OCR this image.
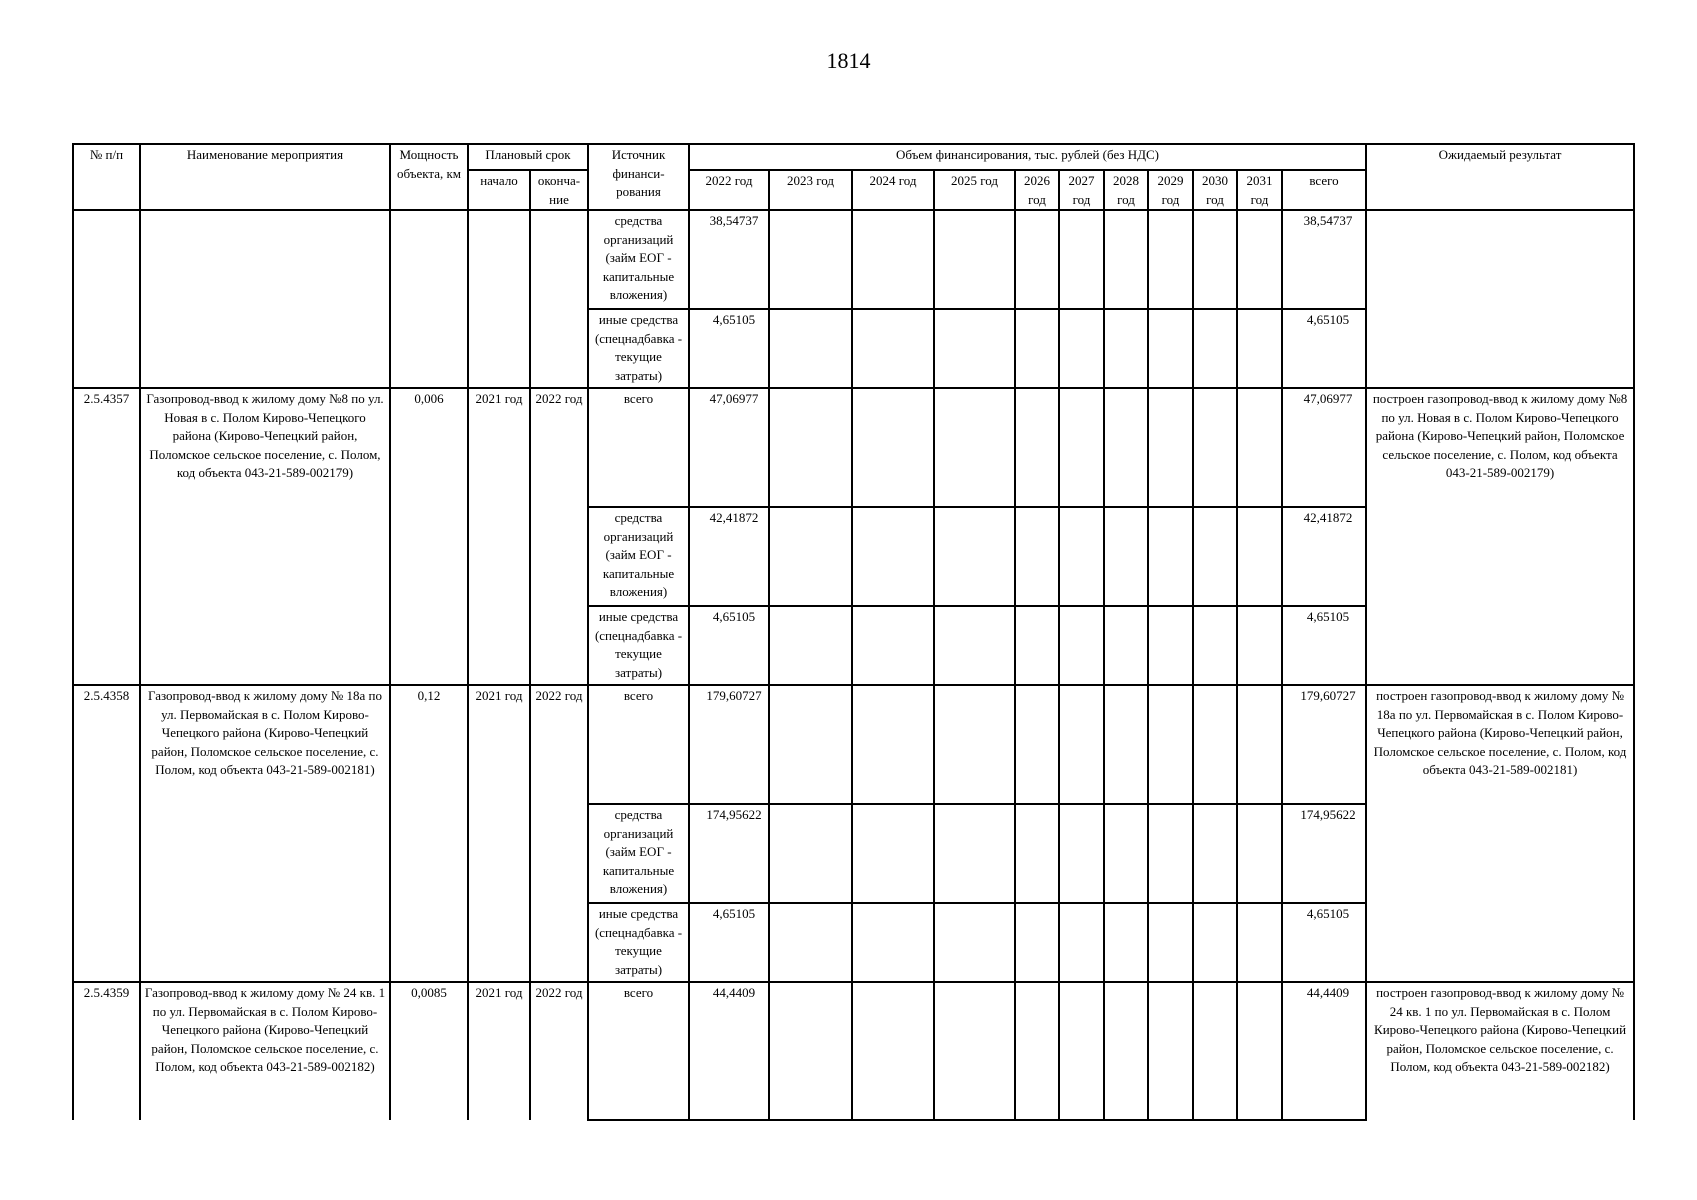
1814
№ п/п	Наименование мероприятия	Мощность объекта, км	Плановый срок		Источник финанси-рования	Объем финансирования, тыс. рублей (без НДС)											Ожидаемый результат
			начало	оконча-ние		2022 год	2023 год	2024 год	2025 год	2026 год	2027 год	2028 год	2029 год	2030 год	2031 год	всего	
					средства организаций (займ ЕОГ - капитальные вложения)	38,54737										38,54737	
					иные средства (спецнадбавка - текущие затраты)	4,65105										4,65105	
2.5.4357	Газопровод-ввод к жилому дому №8 по ул. Новая в с. Полом Кирово-Чепецкого района (Кирово-Чепецкий район, Поломское сельское поселение, с. Полом, код объекта 043-21-589-002179)	0,006	2021 год	2022 год	всего	47,06977										47,06977	построен газопровод-ввод к жилому дому №8 по ул. Новая в с. Полом Кирово-Чепецкого района (Кирово-Чепецкий район, Поломское сельское поселение, с. Полом, код объекта 043-21-589-002179)
					средства организаций (займ ЕОГ - капитальные вложения)	42,41872										42,41872	
					иные средства (спецнадбавка - текущие затраты)	4,65105										4,65105	
2.5.4358	Газопровод-ввод к жилому дому № 18а по ул. Первомайская в с. Полом Кирово-Чепецкого района (Кирово-Чепецкий район, Поломское сельское поселение, с. Полом, код объекта 043-21-589-002181)	0,12	2021 год	2022 год	всего	179,60727										179,60727	построен газопровод-ввод к жилому дому № 18а по ул. Первомайская в с. Полом Кирово-Чепецкого района (Кирово-Чепецкий район, Поломское сельское поселение, с. Полом, код объекта 043-21-589-002181)
					средства организаций (займ ЕОГ - капитальные вложения)	174,95622										174,95622	
					иные средства (спецнадбавка - текущие затраты)	4,65105										4,65105	
2.5.4359	Газопровод-ввод к жилому дому № 24 кв. 1 по ул. Первомайская в с. Полом Кирово-Чепецкого района (Кирово-Чепецкий район, Поломское сельское поселение, с. Полом, код объекта 043-21-589-002182)	0,0085	2021 год	2022 год	всего	44,4409										44,4409	построен газопровод-ввод к жилому дому № 24 кв. 1 по ул. Первомайская в с. Полом Кирово-Чепецкого района (Кирово-Чепецкий район, Поломское сельское поселение, с. Полом, код объекта 043-21-589-002182)
